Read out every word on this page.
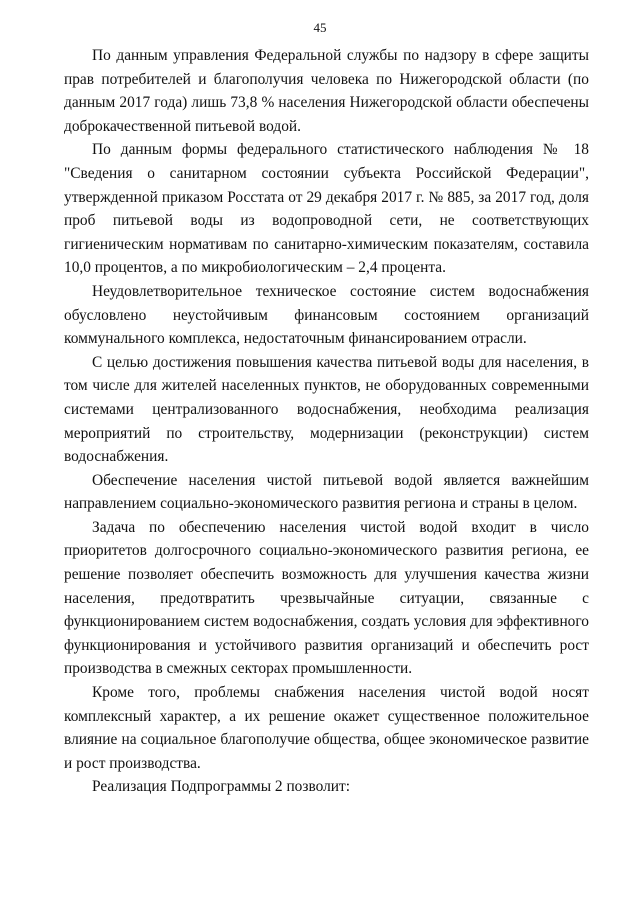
45

По данным управления Федеральной службы по надзору в сфере защиты прав потребителей и благополучия человека по Нижегородской области (по данным 2017 года) лишь 73,8 % населения Нижегородской области обеспечены доброкачественной питьевой водой.

По данным формы федерального статистического наблюдения № 18 "Сведения о санитарном состоянии субъекта Российской Федерации", утвержденной приказом Росстата от 29 декабря 2017 г. № 885, за 2017 год, доля проб питьевой воды из водопроводной сети, не соответствующих гигиеническим нормативам по санитарно-химическим показателям, составила 10,0 процентов, а по микробиологическим – 2,4 процента.

Неудовлетворительное техническое состояние систем водоснабжения обусловлено неустойчивым финансовым состоянием организаций коммунального комплекса, недостаточным финансированием отрасли.

С целью достижения повышения качества питьевой воды для населения, в том числе для жителей населенных пунктов, не оборудованных современными системами централизованного водоснабжения, необходима реализация мероприятий по строительству, модернизации (реконструкции) систем водоснабжения.

Обеспечение населения чистой питьевой водой является важнейшим направлением социально-экономического развития региона и страны в целом.

Задача по обеспечению населения чистой водой входит в число приоритетов долгосрочного социально-экономического развития региона, ее решение позволяет обеспечить возможность для улучшения качества жизни населения, предотвратить чрезвычайные ситуации, связанные с функционированием систем водоснабжения, создать условия для эффективного функционирования и устойчивого развития организаций и обеспечить рост производства в смежных секторах промышленности.

Кроме того, проблемы снабжения населения чистой водой носят комплексный характер, а их решение окажет существенное положительное влияние на социальное благополучие общества, общее экономическое развитие и рост производства.

Реализация Подпрограммы 2 позволит:
